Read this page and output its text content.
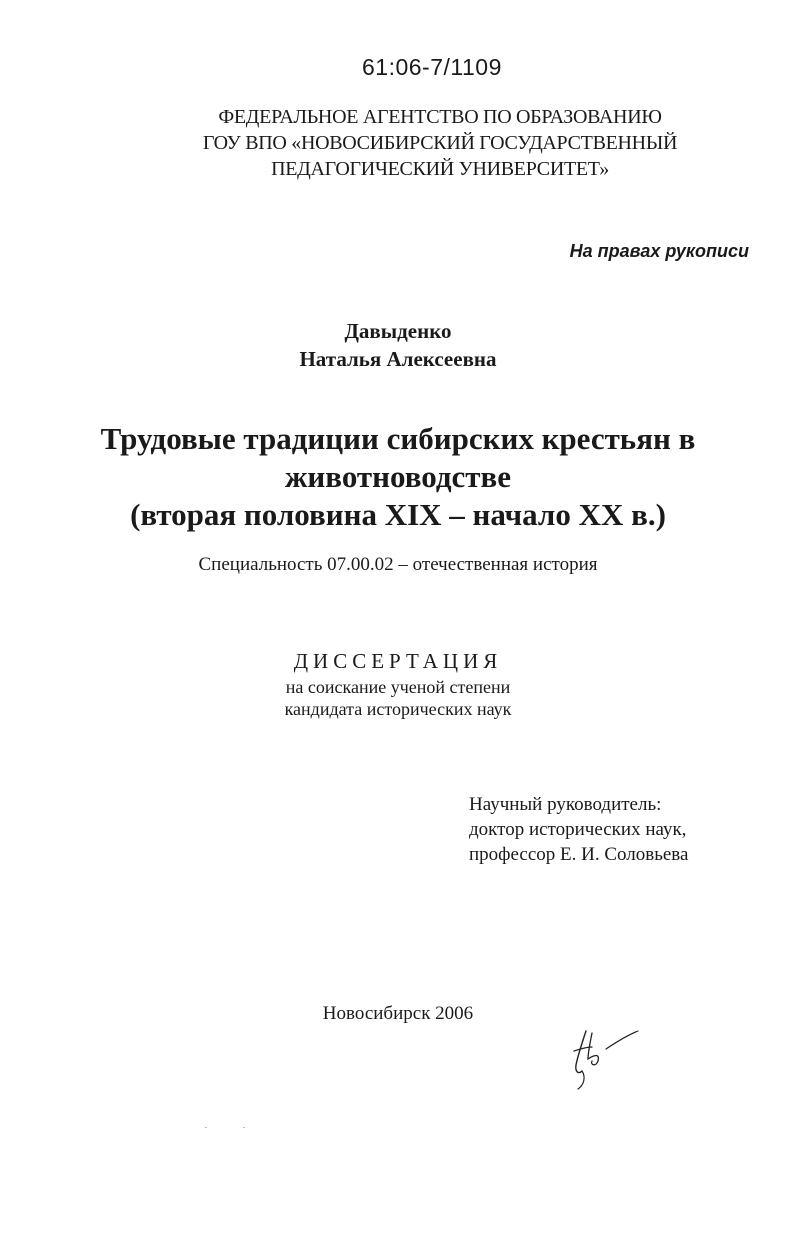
61:06-7/1109
ФЕДЕРАЛЬНОЕ АГЕНТСТВО ПО ОБРАЗОВАНИЮ
ГОУ ВПО «НОВОСИБИРСКИЙ ГОСУДАРСТВЕННЫЙ
ПЕДАГОГИЧЕСКИЙ УНИВЕРСИТЕТ»
На правах рукописи
Давыденко
Наталья Алексеевна
Трудовые традиции сибирских крестьян в
животноводстве
(вторая половина XIX – начало XX в.)
Специальность 07.00.02 – отечественная история
ДИССЕРТАЦИЯ
на соискание ученой степени
кандидата исторических наук
Научный руководитель:
доктор исторических наук,
профессор Е. И. Соловьева
Новосибирск 2006
